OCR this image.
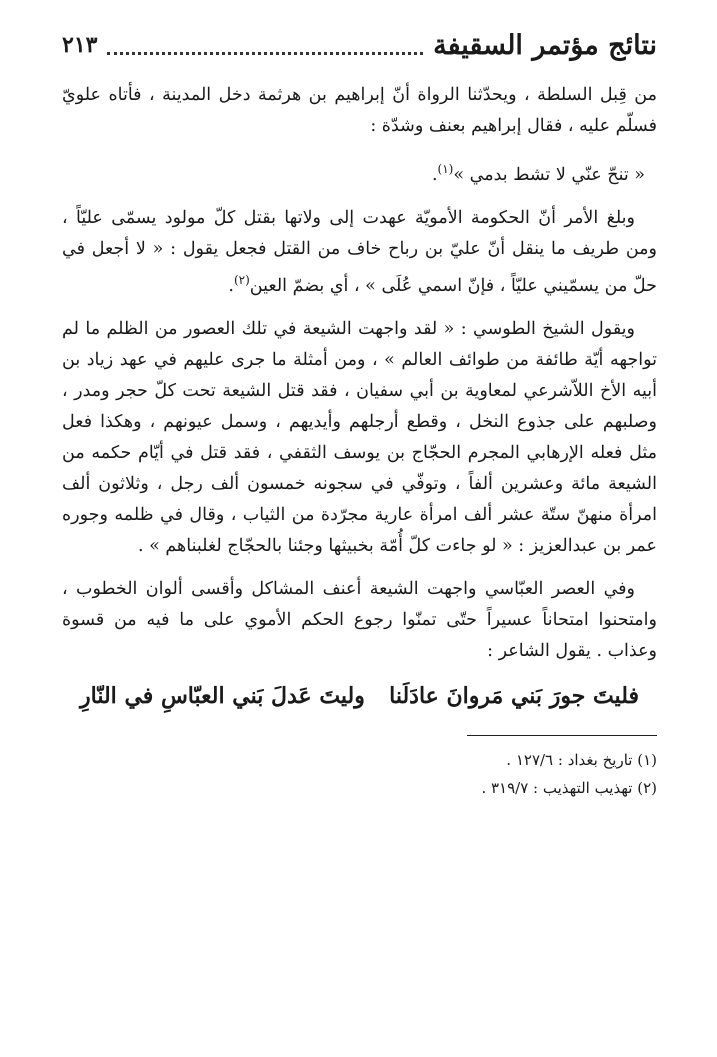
نتائج مؤتمر السقيفة
٢١٣

من قِبل السلطة ، ويحدّثنا الرواة أنّ إبراهيم بن هرثمة دخل المدينة ، فأتاه علويّ فسلّم عليه ، فقال إبراهيم بعنف وشدّة :

« تنحّ عنّي لا تشط بدمي »$^{(١)}$.

وبلغ الأمر أنّ الحكومة الأمويّة عهدت إلى ولاتها بقتل كلّ مولود يسمّى عليّاً ، ومن طريف ما ينقل أنّ عليّ بن رباح خاف من القتل فجعل يقول : « لا أجعل في حلّ من يسمّيني عليّاً ، فإنّ اسمي عُلَى » ، أي بضمّ العين$^{(٢)}$.

ويقول الشيخ الطوسي : « لقد واجهت الشيعة في تلك العصور من الظلم ما لم تواجهه أيّة طائفة من طوائف العالم » ، ومن أمثلة ما جرى عليهم في عهد زياد بن أبيه الأخ اللاّشرعي لمعاوية بن أبي سفيان ، فقد قتل الشيعة تحت كلّ حجر ومدر ، وصلبهم على جذوع النخل ، وقطع أرجلهم وأيديهم ، وسمل عيونهم ، وهكذا فعل مثل فعله الإرهابي المجرم الحجّاج بن يوسف الثقفي ، فقد قتل في أيّام حكمه من الشيعة مائة وعشرين ألفاً ، وتوفّي في سجونه خمسون ألف رجل ، وثلاثون ألف امرأة منهنّ ستّة عشر ألف امرأة عارية مجرّدة من الثياب ، وقال في ظلمه وجوره عمر بن عبدالعزيز : « لو جاءت كلّ أُمّة بخبيثها وجئنا بالحجّاج لغلبناهم » .

وفي العصر العبّاسي واجهت الشيعة أعنف المشاكل وأقسى ألوان الخطوب ، وامتحنوا امتحاناً عسيراً حتّى تمنّوا رجوع الحكم الأموي على ما فيه من قسوة وعذاب . يقول الشاعر :

فليتَ جورَ بَني مَروانَ عادَلَنا
وليتَ عَدلَ بَني العبّاسِ في النّارِ
(١) تاريخ بغداد : ١٢٧/٦ .
(٢) تهذيب التهذيب : ٣١٩/٧ .
